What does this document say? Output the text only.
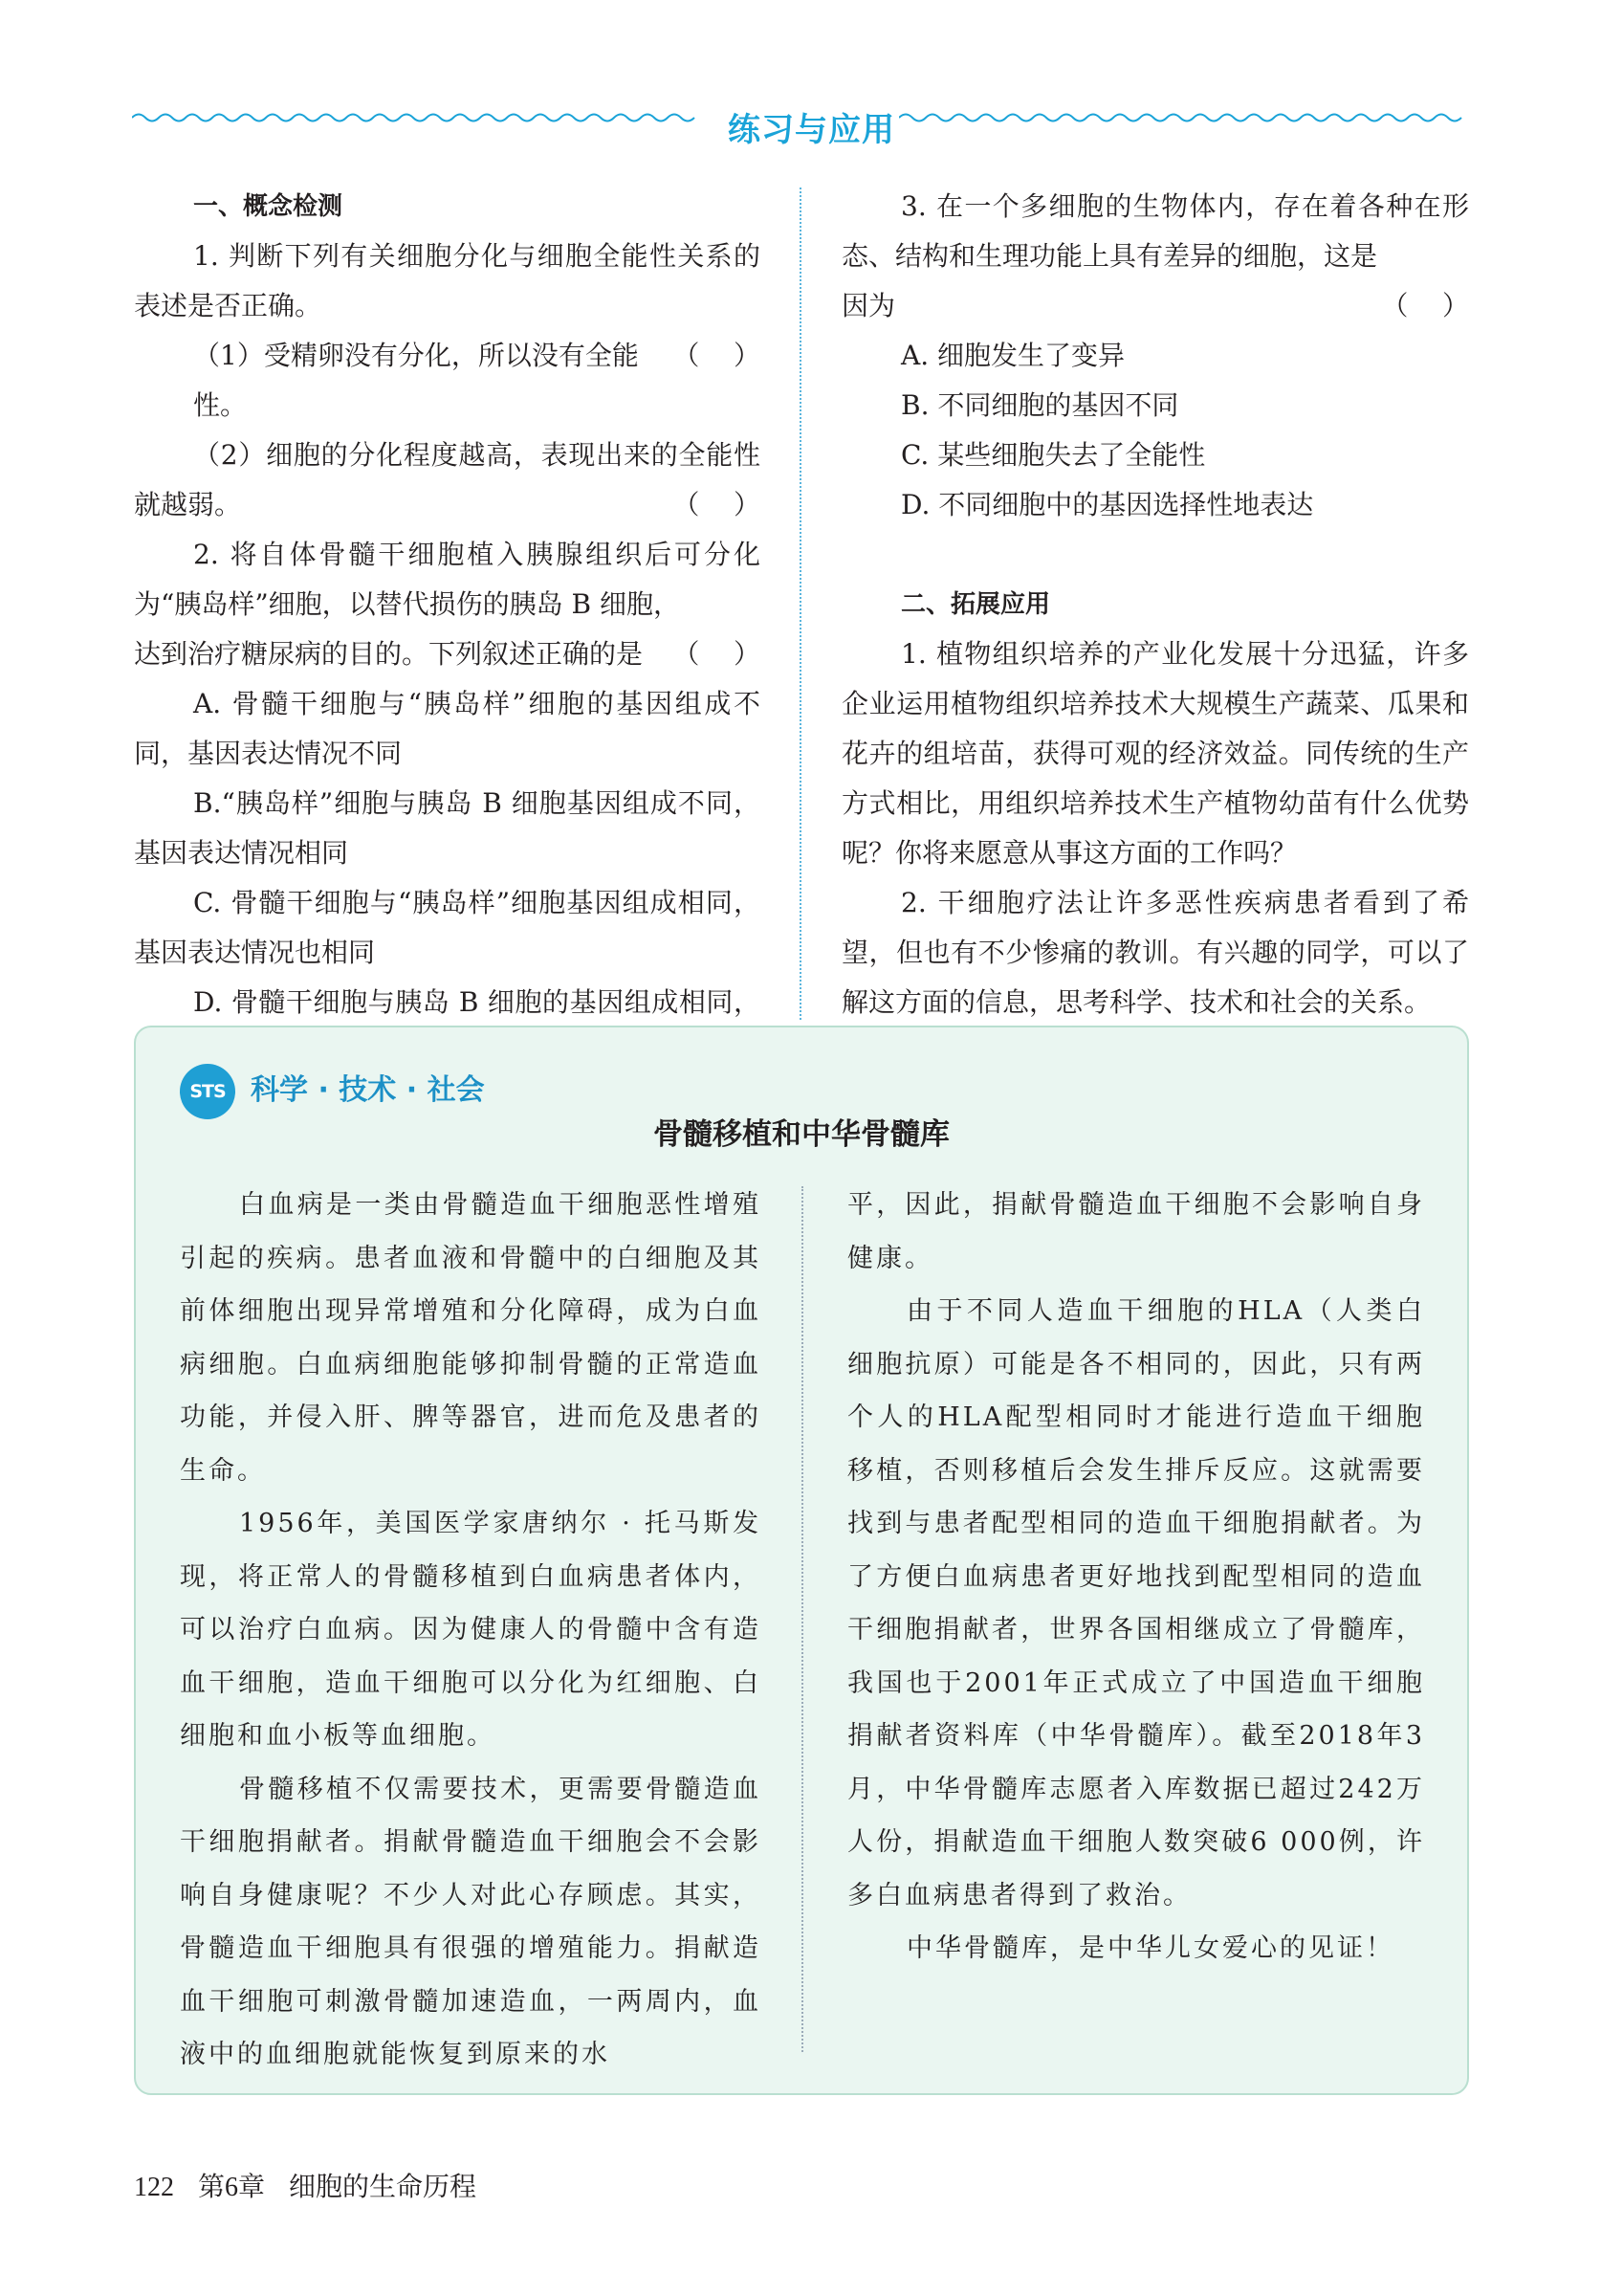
练习与应用

一、概念检测

1. 判断下列有关细胞分化与细胞全能性关系的表述是否正确。

（1）受精卵没有分化，所以没有全能性。
（    ）

（2）细胞的分化程度越高，表现出来的全能性就越弱。	（    ）

2. 将自体骨髓干细胞植入胰腺组织后可分化为“胰岛样”细胞，以替代损伤的胰岛 B 细胞，

达到治疗糖尿病的目的。下列叙述正确的是 （    ）

A. 骨髓干细胞与“胰岛样”细胞的基因组成不同，基因表达情况不同

B.“胰岛样”细胞与胰岛 B 细胞基因组成不同，基因表达情况相同

C. 骨髓干细胞与“胰岛样”细胞基因组成相同，基因表达情况也相同

D. 骨髓干细胞与胰岛 B 细胞的基因组成相同，

3. 在一个多细胞的生物体内，存在着各种在形态、结构和生理功能上具有差异的细胞，这是

因为	（    ）

A. 细胞发生了变异

B. 不同细胞的基因不同

C. 某些细胞失去了全能性

D. 不同细胞中的基因选择性地表达

二、拓展应用

1. 植物组织培养的产业化发展十分迅猛，许多企业运用植物组织培养技术大规模生产蔬菜、瓜果和花卉的组培苗，获得可观的经济效益。同传统的生产方式相比，用组织培养技术生产植物幼苗有什么优势呢？你将来愿意从事这方面的工作吗？

2. 干细胞疗法让许多恶性疾病患者看到了希望，但也有不少惨痛的教训。有兴趣的同学，可以了解这方面的信息，思考科学、技术和社会的关系。

STS 科学 · 技术 · 社会
骨髓移植和中华骨髓库

白血病是一类由骨髓造血干细胞恶性增殖引起的疾病。患者血液和骨髓中的白细胞及其前体细胞出现异常增殖和分化障碍，成为白血病细胞。白血病细胞能够抑制骨髓的正常造血功能，并侵入肝、脾等器官，进而危及患者的生命。

1956年，美国医学家唐纳尔 · 托马斯发现，将正常人的骨髓移植到白血病患者体内，可以治疗白血病。因为健康人的骨髓中含有造血干细胞，造血干细胞可以分化为红细胞、白细胞和血小板等血细胞。

骨髓移植不仅需要技术，更需要骨髓造血干细胞捐献者。捐献骨髓造血干细胞会不会影响自身健康呢？不少人对此心存顾虑。其实，骨髓造血干细胞具有很强的增殖能力。捐献造血干细胞可刺激骨髓加速造血，一两周内，血液中的血细胞就能恢复到原来的水

平，因此，捐献骨髓造血干细胞不会影响自身健康。

由于不同人造血干细胞的HLA（人类白细胞抗原）可能是各不相同的，因此，只有两个人的HLA配型相同时才能进行造血干细胞移植，否则移植后会发生排斥反应。这就需要找到与患者配型相同的造血干细胞捐献者。为了方便白血病患者更好地找到配型相同的造血干细胞捐献者，世界各国相继成立了骨髓库，我国也于2001年正式成立了中国造血干细胞捐献者资料库（中华骨髓库）。截至2018年3月，中华骨髓库志愿者入库数据已超过242万人份，捐献造血干细胞人数突破6 000例，许多白血病患者得到了救治。

中华骨髓库，是中华儿女爱心的见证！

122 第6章 细胞的生命历程
